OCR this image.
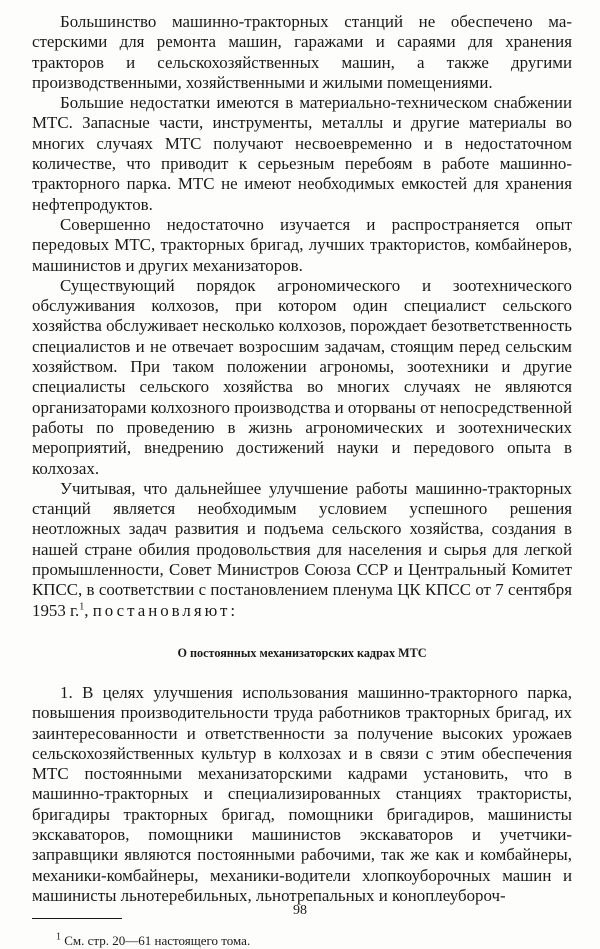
Большинство машинно-тракторных станций не обеспечено мастерскими для ремонта машин, гаражами и сараями для хранения тракторов и сельскохозяйственных машин, а также другими производственными, хозяйственными и жилыми помещениями.

Большие недостатки имеются в материально-техническом снабжении МТС. Запасные части, инструменты, металлы и другие материалы во многих случаях МТС получают несвоевременно и в недостаточном количестве, что приводит к серьезным перебоям в работе машинно-тракторного парка. МТС не имеют необходимых емкостей для хранения нефтепродуктов.

Совершенно недостаточно изучается и распространяется опыт передовых МТС, тракторных бригад, лучших трактористов, комбайнеров, машинистов и других механизаторов.

Существующий порядок агрономического и зоотехнического обслуживания колхозов, при котором один специалист сельского хозяйства обслуживает несколько колхозов, порождает безответственность специалистов и не отвечает возросшим задачам, стоящим перед сельским хозяйством. При таком положении агрономы, зоотехники и другие специалисты сельского хозяйства во многих случаях не являются организаторами колхозного производства и оторваны от непосредственной работы по проведению в жизнь агрономических и зоотехнических мероприятий, внедрению достижений науки и передового опыта в колхозах.

Учитывая, что дальнейшее улучшение работы машинно-тракторных станций является необходимым условием успешного решения неотложных задач развития и подъема сельского хозяйства, создания в нашей стране обилия продовольствия для населения и сырья для легкой промышленности, Совет Министров Союза ССР и Центральный Комитет КПСС, в соответствии с постановлением пленума ЦК КПСС от 7 сентября 1953 г.$^1$, постановляют:

О постоянных механизаторских кадрах МТС

1. В целях улучшения использования машинно-тракторного парка, повышения производительности труда работников тракторных бригад, их заинтересованности и ответственности за получение высоких урожаев сельскохозяйственных культур в колхозах и в связи с этим обеспечения МТС постоянными механизаторскими кадрами установить, что в машинно-тракторных и специализированных станциях трактористы, бригадиры тракторных бригад, помощники бригадиров, машинисты экскаваторов, помощники машинистов экскаваторов и учетчики-заправщики являются постоянными рабочими, так же как и комбайнеры, механики-комбайнеры, механики-водители хлопкоуборочных машин и машинисты льнотеребильных, льнотрепальных и коноплеубороч-

$^1$ См. стр. 20—61 настоящего тома.

98
